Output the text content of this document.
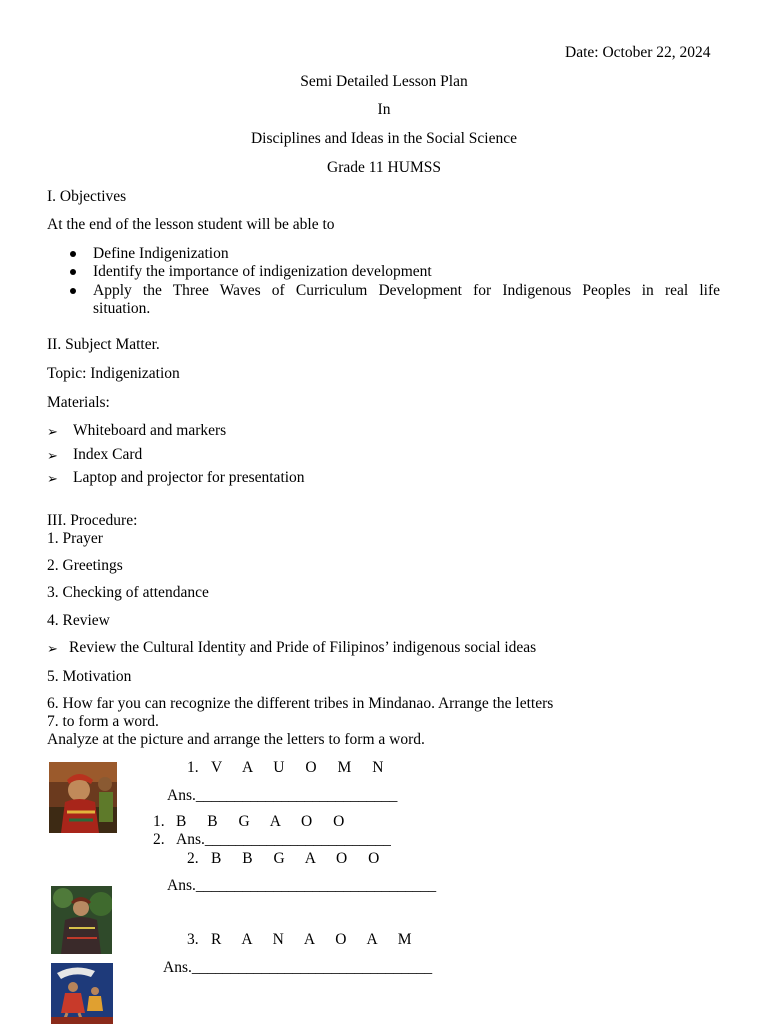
Date: October 22, 2024
Semi Detailed Lesson Plan
In
Disciplines and Ideas in the Social Science
Grade 11 HUMSS
I. Objectives
At the end of the lesson student will be able to
Define Indigenization
Identify the importance of indigenization development
Apply the Three Waves of Curriculum Development for Indigenous Peoples in real life
situation.
II. Subject Matter.
Topic: Indigenization
Materials:
➢ Whiteboard and markers
➢ Index Card
➢ Laptop and projector for presentation
III. Procedure:
1. Prayer
2. Greetings
3. Checking of attendance
4. Review
➢ Review the Cultural Identity and Pride of Filipinos’ indigenous social ideas
5. Motivation
6. How far you can recognize the different tribes in Mindanao. Arrange the letters
7. to form a word.
Analyze at the picture and arrange the letters to form a word.
1. V A U O M N
Ans.__________________________
1. B B G A O O
2. Ans.________________________
2. B B G A O O
Ans._______________________________
3. R A N A O A M
Ans._______________________________
